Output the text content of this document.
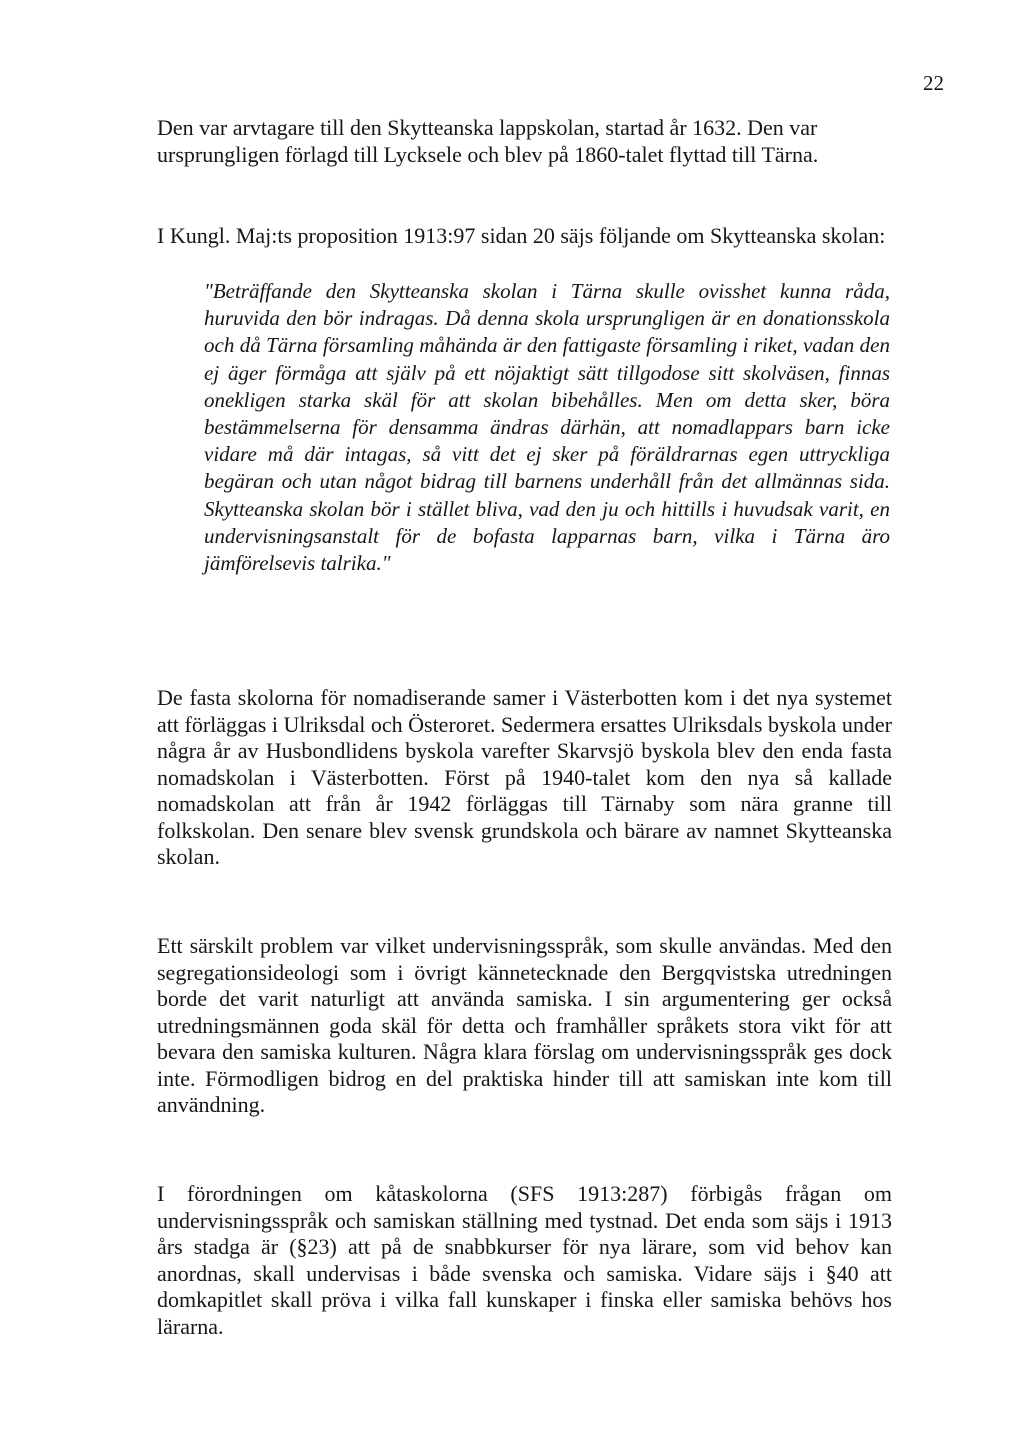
22

Den var arvtagare till den Skytteanska lappskolan, startad år 1632. Den var ursprungligen förlagd till Lycksele och blev på 1860-talet flyttad till Tärna.

I Kungl. Maj:ts proposition 1913:97 sidan 20 säjs följande om Skytteanska skolan:

"Beträffande den Skytteanska skolan i Tärna skulle ovisshet kunna råda, huruvida den bör indragas. Då denna skola ursprungligen är en donationsskola och då Tärna församling måhända är den fattigaste församling i riket, vadan den ej äger förmåga att själv på ett nöjaktigt sätt tillgodose sitt skolväsen, finnas onekligen starka skäl för att skolan bibehålles. Men om detta sker, böra bestämmelserna för densamma ändras därhän, att nomadlappars barn icke vidare må där intagas, så vitt det ej sker på föräldrarnas egen uttryckliga begäran och utan något bidrag till barnens underhåll från det allmännas sida. Skytteanska skolan bör i stället bliva, vad den ju och hittills i huvudsak varit, en undervisningsanstalt för de bofasta lapparnas barn, vilka i Tärna äro jämförelsevis talrika."

De fasta skolorna för nomadiserande samer i Västerbotten kom i det nya systemet att förläggas i Ulriksdal och Österoret. Sedermera ersattes Ulriksdals byskola under några år av Husbondlidens byskola varefter Skarvsjö byskola blev den enda fasta nomadskolan i Västerbotten. Först på 1940-talet kom den nya så kallade nomadskolan att från år 1942 förläggas till Tärnaby som nära granne till folkskolan. Den senare blev svensk grundskola och bärare av namnet Skytteanska skolan.

Ett särskilt problem var vilket undervisningsspråk, som skulle användas. Med den segregationsideologi som i övrigt kännetecknade den Bergqvistska utredningen borde det varit naturligt att använda samiska. I sin argumentering ger också utredningsmännen goda skäl för detta och framhåller språkets stora vikt för att bevara den samiska kulturen. Några klara förslag om undervisningsspråk ges dock inte. Förmodligen bidrog en del praktiska hinder till att samiskan inte kom till användning.

I förordningen om kåtaskolorna (SFS 1913:287) förbigås frågan om undervisningsspråk och samiskan ställning med tystnad. Det enda som säjs i 1913 års stadga är (§23) att på de snabbkurser för nya lärare, som vid behov kan anordnas, skall undervisas i både svenska och samiska. Vidare säjs i §40 att domkapitlet skall pröva i vilka fall kunskaper i finska eller samiska behövs hos lärarna.
